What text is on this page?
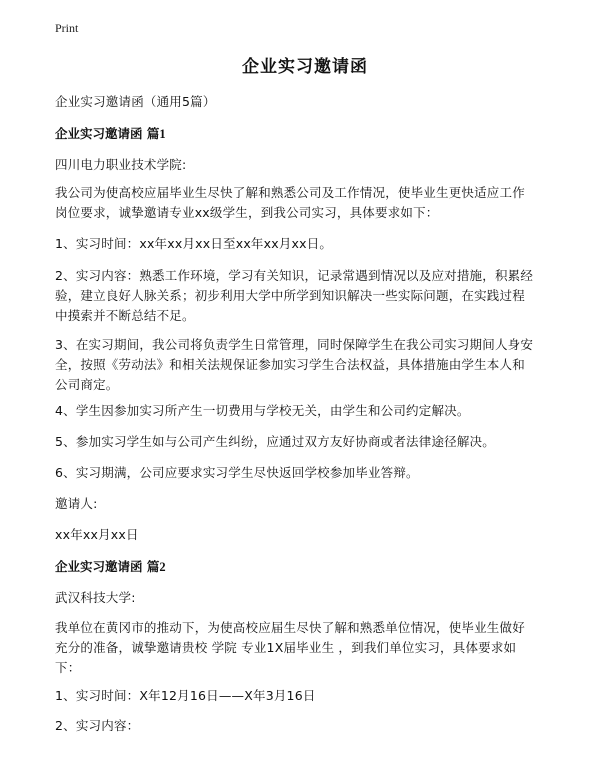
Print
企业实习邀请函
企业实习邀请函（通用5篇）
企业实习邀请函 篇1
四川电力职业技术学院:
我公司为使高校应届毕业生尽快了解和熟悉公司及工作情况，使毕业生更快适应工作岗位要求，诚挚邀请专业xx级学生，到我公司实习，具体要求如下：
1、实习时间：xx年xx月xx日至xx年xx月xx日。
2、实习内容：熟悉工作环境，学习有关知识，记录常遇到情况以及应对措施，积累经验，建立良好人脉关系；初步利用大学中所学到知识解决一些实际问题，在实践过程中摸索并不断总结不足。
3、在实习期间，我公司将负责学生日常管理，同时保障学生在我公司实习期间人身安全，按照《劳动法》和相关法规保证参加实习学生合法权益，具体措施由学生本人和公司商定。
4、学生因参加实习所产生一切费用与学校无关，由学生和公司约定解决。
5、参加实习学生如与公司产生纠纷，应通过双方友好协商或者法律途径解决。
6、实习期满，公司应要求实习学生尽快返回学校参加毕业答辩。
邀请人:
xx年xx月xx日
企业实习邀请函 篇2
武汉科技大学:
我单位在黄冈市的推动下，为使高校应届生尽快了解和熟悉单位情况，使毕业生做好充分的准备，诚挚邀请贵校 学院 专业1X届毕业生 ，到我们单位实习，具体要求如下：
1、实习时间：X年12月16日——X年3月16日
2、实习内容：
